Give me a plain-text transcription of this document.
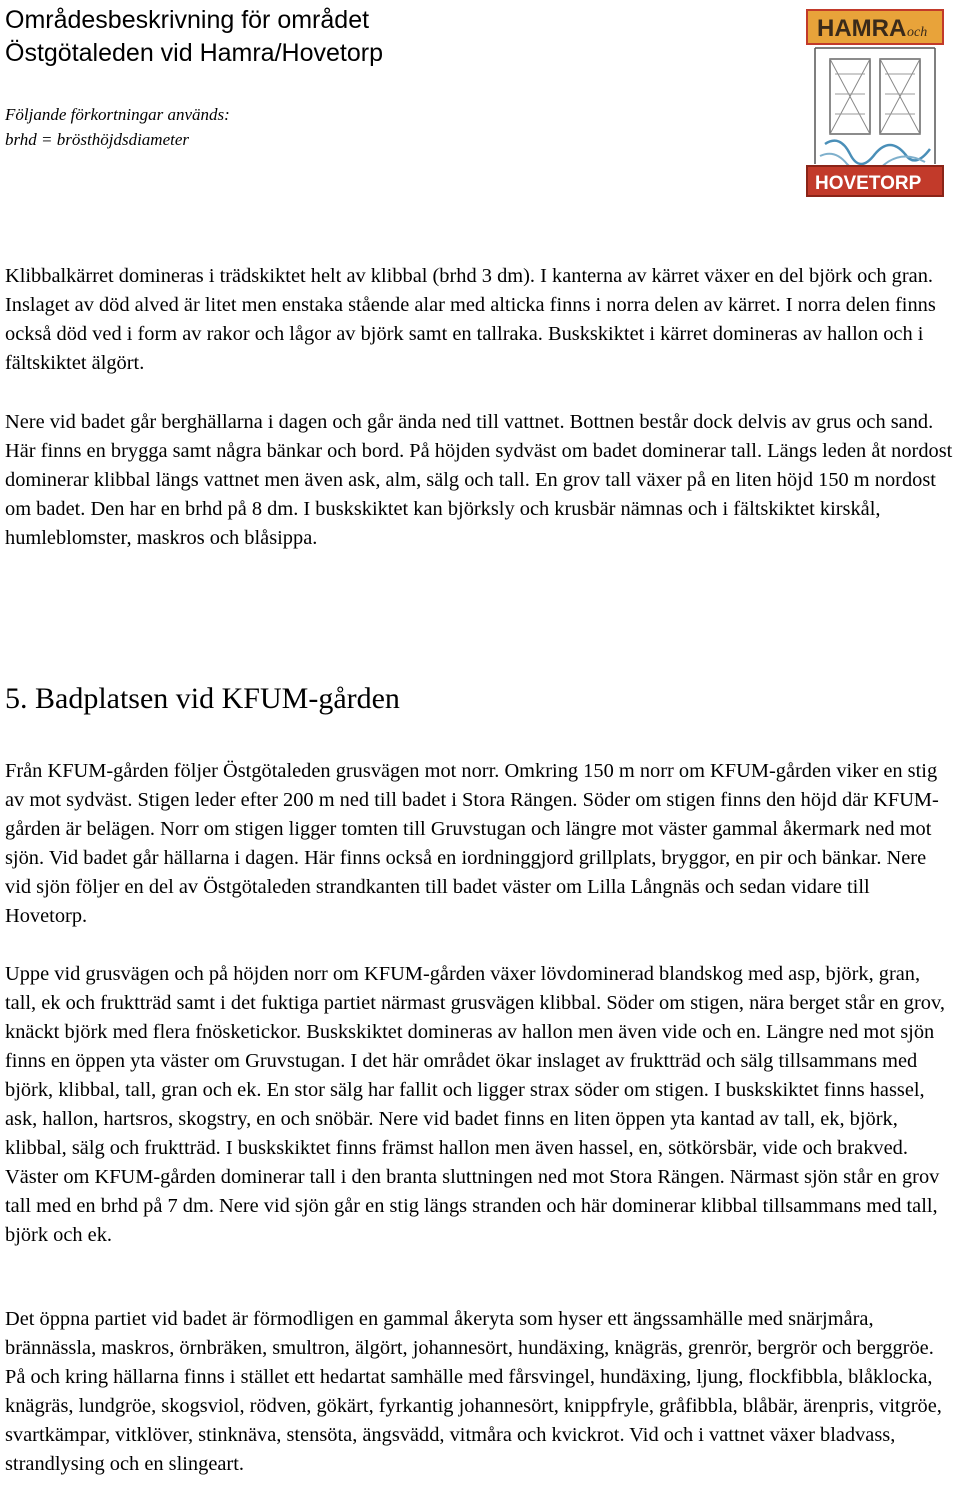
Områdesbeskrivning för området
Östgötaleden vid Hamra/Hovetorp
Följande förkortningar används:
brhd = brösthöjdsdiameter
HAMRA och
HOVETORP

Klibbalkärret domineras i trädskiktet helt av klibbal (brhd 3 dm). I kanterna av kärret växer en del björk och gran. Inslaget av död alved är litet men enstaka stående alar med alticka finns i norra delen av kärret. I norra delen finns också död ved i form av rakor och lågor av björk samt en tallraka. Buskskiktet i kärret domineras av hallon och i fältskiktet älgört.

Nere vid badet går berghällarna i dagen och går ända ned till vattnet. Bottnen består dock delvis av grus och sand. Här finns en brygga samt några bänkar och bord. På höjden sydväst om badet dominerar tall. Längs leden åt nordost dominerar klibbal längs vattnet men även ask, alm, sälg och tall. En grov tall växer på en liten höjd 150 m nordost om badet. Den har en brhd på 8 dm. I buskskiktet kan björksly och krusbär nämnas och i fältskiktet kirskål, humleblomster, maskros och blåsippa.

5. Badplatsen vid KFUM-gården

Från KFUM-gården följer Östgötaleden grusvägen mot norr. Omkring 150 m norr om KFUM-gården viker en stig av mot sydväst. Stigen leder efter 200 m ned till badet i Stora Rängen. Söder om stigen finns den höjd där KFUM-gården är belägen. Norr om stigen ligger tomten till Gruvstugan och längre mot väster gammal åkermark ned mot sjön. Vid badet går hällarna i dagen. Här finns också en iordninggjord grillplats, bryggor, en pir och bänkar. Nere vid sjön följer en del av Östgötaleden strandkanten till badet väster om Lilla Långnäs och sedan vidare till Hovetorp.

Uppe vid grusvägen och på höjden norr om KFUM-gården växer lövdominerad blandskog med asp, björk, gran, tall, ek och fruktträd samt i det fuktiga partiet närmast grusvägen klibbal. Söder om stigen, nära berget står en grov, knäckt björk med flera fnösketickor. Buskskiktet domineras av hallon men även vide och en. Längre ned mot sjön finns en öppen yta väster om Gruvstugan. I det här området ökar inslaget av fruktträd och sälg tillsammans med björk, klibbal, tall, gran och ek. En stor sälg har fallit och ligger strax söder om stigen. I buskskiktet finns hassel, ask, hallon, hartsros, skogstry, en och snöbär. Nere vid badet finns en liten öppen yta kantad av tall, ek, björk, klibbal, sälg och fruktträd. I buskskiktet finns främst hallon men även hassel, en, sötkörsbär, vide och brakved. Väster om KFUM-gården dominerar tall i den branta sluttningen ned mot Stora Rängen. Närmast sjön står en grov tall med en brhd på 7 dm. Nere vid sjön går en stig längs stranden och här dominerar klibbal tillsammans med tall, björk och ek.

Det öppna partiet vid badet är förmodligen en gammal åkeryta som hyser ett ängssamhälle med snärjmåra, brännässla, maskros, örnbräken, smultron, älgört, johannesört, hundäxing, knägräs, grenrör, bergrör och berggröe. På och kring hällarna finns i stället ett hedartat samhälle med fårsvingel, hundäxing, ljung, flockfibbla, blåklocka, knägräs, lundgröe, skogsviol, rödven, gökärt, fyrkantig johannesört, knippfryle, gråfibbla, blåbär, ärenpris, vitgröe, svartkämpar, vitklöver, stinknäva, stensöta, ängsvädd, vitmåra och kvickrot. Vid och i vattnet växer bladvass, strandlysing och en slingeart.
